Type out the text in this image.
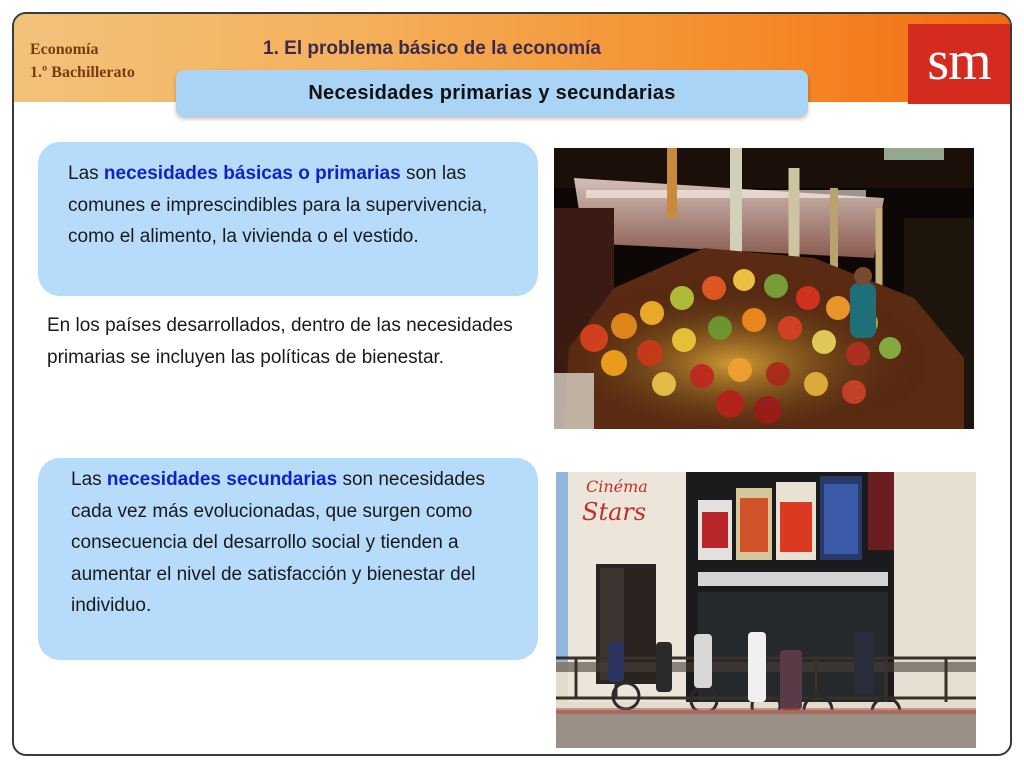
Economía
1.º Bachillerato
1. El problema básico de la economía	sm
Necesidades primarias y secundarias
Las necesidades básicas o primarias son las comunes e imprescindibles para la supervivencia, como el alimento, la vivienda o el vestido.
En los países desarrollados, dentro de las necesidades primarias se incluyen las políticas de bienestar.
Las necesidades secundarias son necesidades cada vez más evolucionadas, que surgen como consecuencia del desarrollo social y tienden a aumentar el nivel de satisfacción y bienestar del individuo.
Cinéma
Stars
